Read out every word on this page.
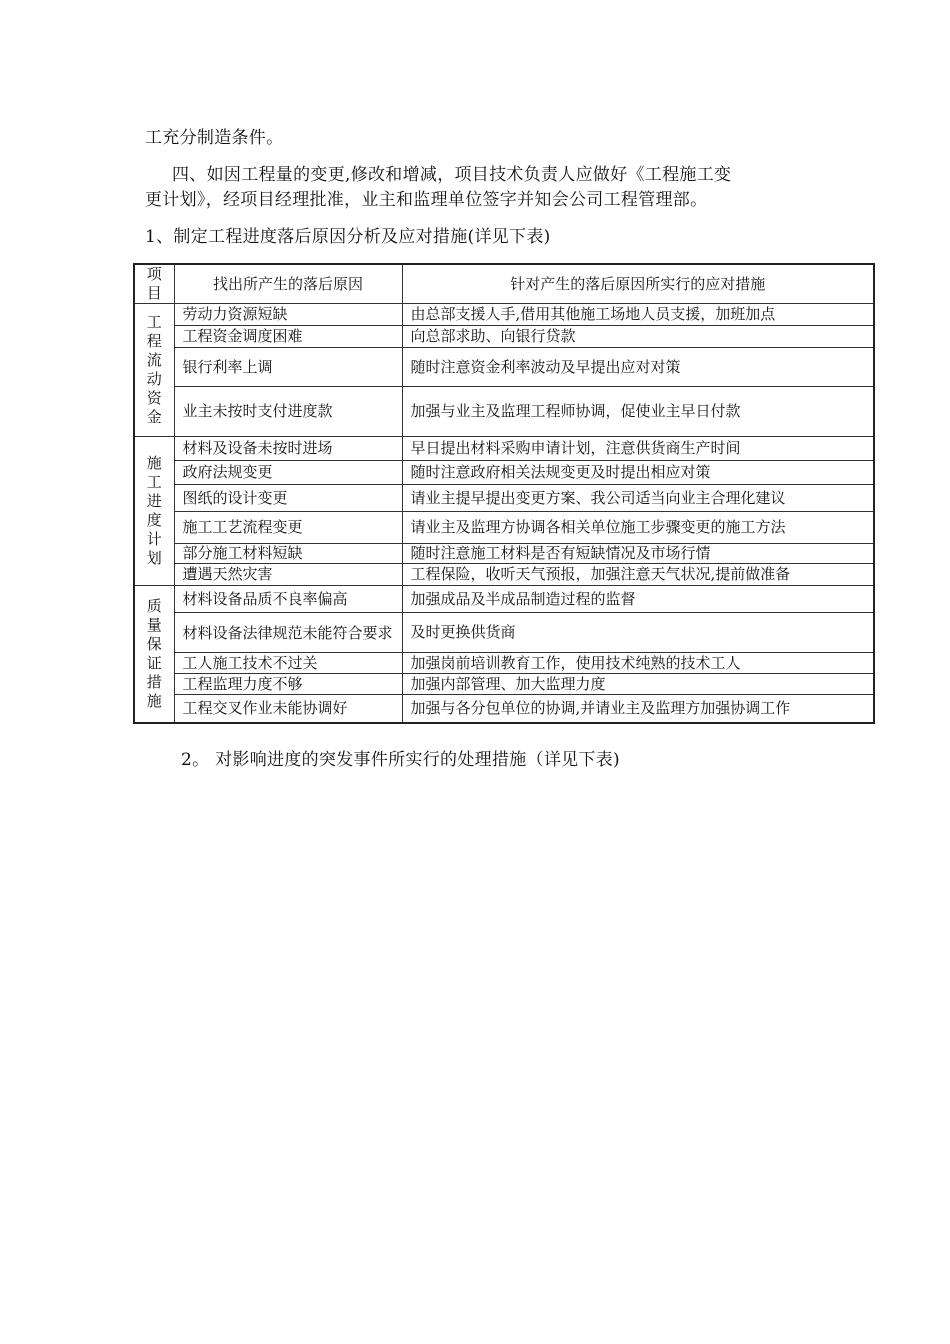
工充分制造条件。
四、如因工程量的变更,修改和增减，项目技术负责人应做好《工程施工变
更计划》，经项目经理批准，业主和监理单位签字并知会公司工程管理部。
1、制定工程进度落后原因分析及应对措施(详见下表)
项目	找出所产生的落后原因	针对产生的落后原因所实行的应对措施

工程流动资金	劳动力资源短缺	由总部支援人手,借用其他施工场地人员支援，加班加点
	工程资金调度困难	向总部求助、向银行贷款
	银行利率上调	随时注意资金利率波动及早提出应对对策
	业主未按时支付进度款	加强与业主及监理工程师协调，促使业主早日付款

施工进度计划	材料及设备未按时进场	早日提出材料采购申请计划，注意供货商生产时间
	政府法规变更	随时注意政府相关法规变更及时提出相应对策
	图纸的设计变更	请业主提早提出变更方案、我公司适当向业主合理化建议
	施工工艺流程变更	请业主及监理方协调各相关单位施工步骤变更的施工方法
	部分施工材料短缺	随时注意施工材料是否有短缺情况及市场行情
	遭遇天然灾害	工程保险，收听天气预报，加强注意天气状况,提前做准备

质量保证措施	材料设备品质不良率偏高	加强成品及半成品制造过程的监督
	材料设备法律规范未能符合要求	及时更换供货商
	工人施工技术不过关	加强岗前培训教育工作，使用技术纯熟的技术工人
	工程监理力度不够	加强内部管理、加大监理力度
	工程交叉作业未能协调好	加强与各分包单位的协调,并请业主及监理方加强协调工作
2。 对影响进度的突发事件所实行的处理措施（详见下表)
